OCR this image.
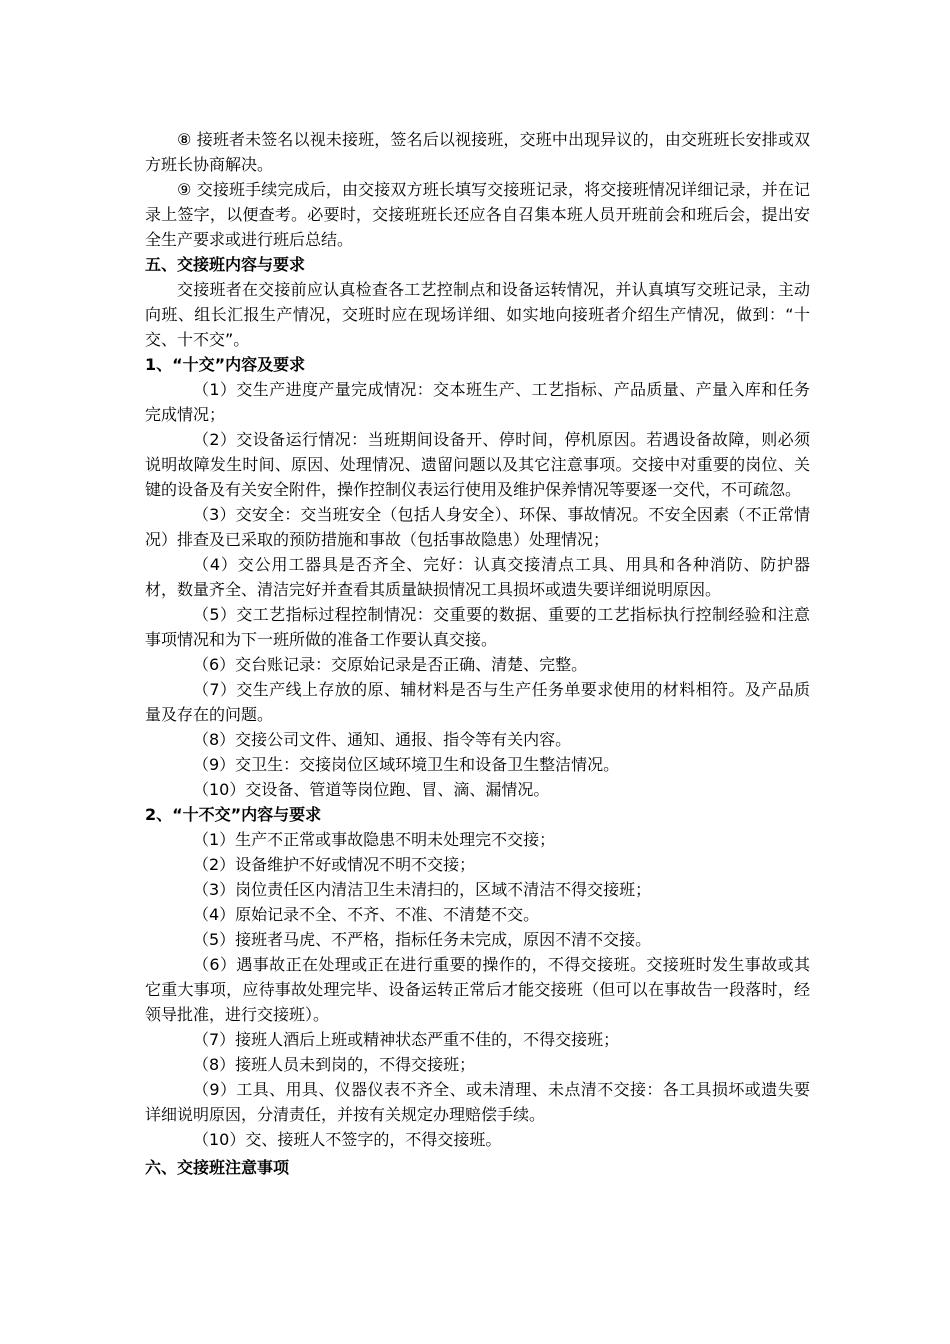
⑧ 接班者未签名以视未接班，签名后以视接班，交班中出现异议的，由交班班长安排或双方班长协商解决。

⑨ 交接班手续完成后，由交接双方班长填写交接班记录，将交接班情况详细记录，并在记录上签字，以便查考。必要时，交接班班长还应各自召集本班人员开班前会和班后会，提出安全生产要求或进行班后总结。

五、交接班内容与要求

交接班者在交接前应认真检查各工艺控制点和设备运转情况，并认真填写交班记录，主动向班、组长汇报生产情况，交班时应在现场详细、如实地向接班者介绍生产情况，做到：“十交、十不交”。

1、“十交”内容及要求

（1）交生产进度产量完成情况：交本班生产、工艺指标、产品质量、产量入库和任务完成情况；

（2）交设备运行情况：当班期间设备开、停时间，停机原因。若遇设备故障，则必须说明故障发生时间、原因、处理情况、遗留问题以及其它注意事项。交接中对重要的岗位、关键的设备及有关安全附件，操作控制仪表运行使用及维护保养情况等要逐一交代，不可疏忽。

（3）交安全：交当班安全（包括人身安全）、环保、事故情况。不安全因素（不正常情况）排查及已采取的预防措施和事故（包括事故隐患）处理情况；

（4）交公用工器具是否齐全、完好：认真交接清点工具、用具和各种消防、防护器材，数量齐全、清洁完好并查看其质量缺损情况工具损坏或遗失要详细说明原因。

（5）交工艺指标过程控制情况：交重要的数据、重要的工艺指标执行控制经验和注意事项情况和为下一班所做的准备工作要认真交接。

（6）交台账记录：交原始记录是否正确、清楚、完整。

（7）交生产线上存放的原、辅材料是否与生产任务单要求使用的材料相符。及产品质量及存在的问题。

（8）交接公司文件、通知、通报、指令等有关内容。

（9）交卫生：交接岗位区域环境卫生和设备卫生整洁情况。

（10）交设备、管道等岗位跑、冒、滴、漏情况。

2、“十不交”内容与要求

（1）生产不正常或事故隐患不明未处理完不交接；

（2）设备维护不好或情况不明不交接；

（3）岗位责任区内清洁卫生未清扫的，区域不清洁不得交接班；

（4）原始记录不全、不齐、不准、不清楚不交。

（5）接班者马虎、不严格，指标任务未完成，原因不清不交接。

（6）遇事故正在处理或正在进行重要的操作的，不得交接班。交接班时发生事故或其它重大事项，应待事故处理完毕、设备运转正常后才能交接班（但可以在事故告一段落时，经领导批准，进行交接班）。

（7）接班人酒后上班或精神状态严重不佳的，不得交接班；

（8）接班人员未到岗的，不得交接班；

（9）工具、用具、仪器仪表不齐全、或未清理、未点清不交接：各工具损坏或遗失要详细说明原因，分清责任，并按有关规定办理赔偿手续。

（10）交、接班人不签字的，不得交接班。

六、交接班注意事项
